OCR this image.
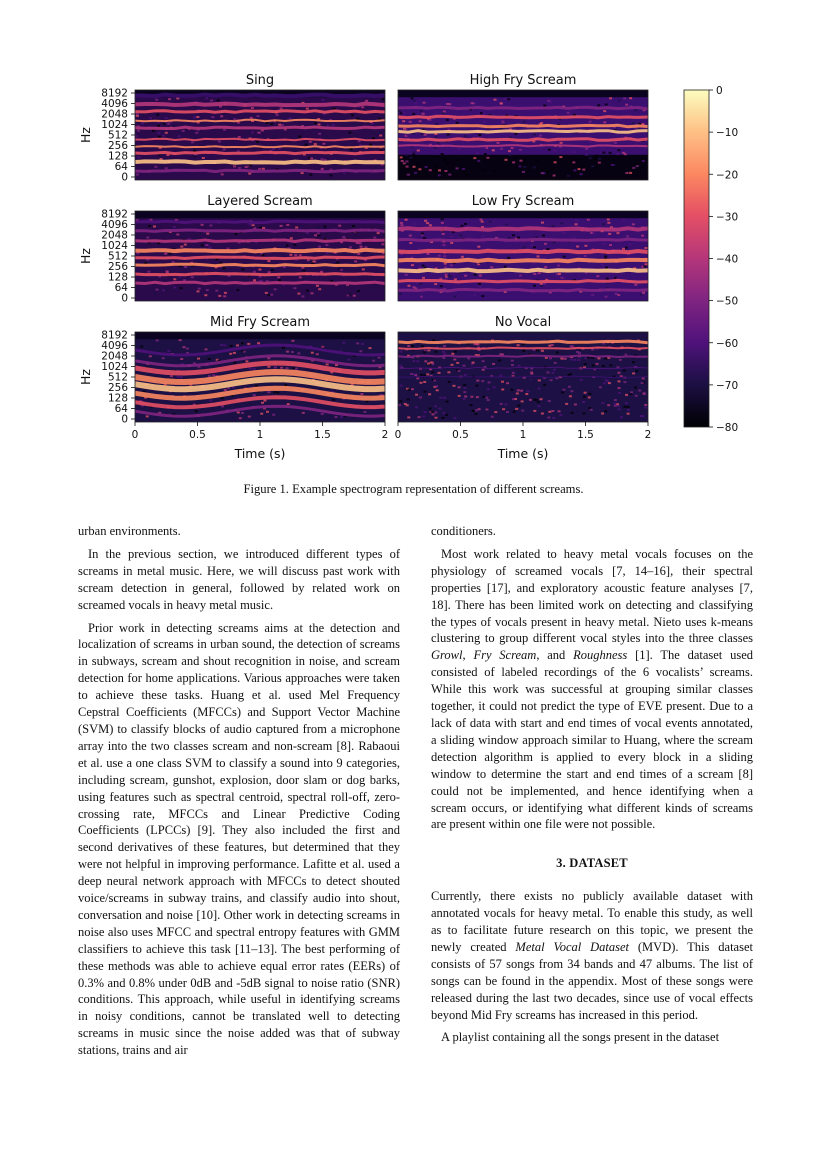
Sing
8192
4096
2048
1024
512
256
128
64
0
Hz
High Fry Scream
Layered Scream
8192
4096
2048
1024
512
256
128
64
0
Hz
Low Fry Scream
Mid Fry Scream
8192
4096
2048
1024
512
256
128
64
0
Hz
0	0.5	1	1.5	2
Time (s)
No Vocal
0	0.5	1	1.5	2
Time (s)
0
−10
−20
−30
−40
−50
−60
−70
−80
Figure 1. Example spectrogram representation of different screams.

urban environments.

In the previous section, we introduced different types of screams in metal music. Here, we will discuss past work with scream detection in general, followed by related work on screamed vocals in heavy metal music.

Prior work in detecting screams aims at the detection and localization of screams in urban sound, the detection of screams in subways, scream and shout recognition in noise, and scream detection for home applications. Various approaches were taken to achieve these tasks. Huang et al. used Mel Frequency Cepstral Coefficients (MFCCs) and Support Vector Machine (SVM) to classify blocks of audio captured from a microphone array into the two classes scream and non-scream [8]. Rabaoui et al. use a one class SVM to classify a sound into 9 categories, including scream, gunshot, explosion, door slam or dog barks, using features such as spectral centroid, spectral roll-off, zero-crossing rate, MFCCs and Linear Predictive Coding Coefficients (LPCCs) [9]. They also included the first and second derivatives of these features, but determined that they were not helpful in improving performance. Lafitte et al. used a deep neural network approach with MFCCs to detect shouted voice/screams in subway trains, and classify audio into shout, conversation and noise [10]. Other work in detecting screams in noise also uses MFCC and spectral entropy features with GMM classifiers to achieve this task [11–13]. The best performing of these methods was able to achieve equal error rates (EERs) of 0.3% and 0.8% under 0dB and -5dB signal to noise ratio (SNR) conditions. This approach, while useful in identifying screams in noisy conditions, cannot be translated well to detecting screams in music since the noise added was that of subway stations, trains and air

conditioners.

Most work related to heavy metal vocals focuses on the physiology of screamed vocals [7, 14–16], their spectral properties [17], and exploratory acoustic feature analyses [7, 18]. There has been limited work on detecting and classifying the types of vocals present in heavy metal. Nieto uses k-means clustering to group different vocal styles into the three classes Growl, Fry Scream, and Roughness [1]. The dataset used consisted of labeled recordings of the 6 vocalists’ screams. While this work was successful at grouping similar classes together, it could not predict the type of EVE present. Due to a lack of data with start and end times of vocal events annotated, a sliding window approach similar to Huang, where the scream detection algorithm is applied to every block in a sliding window to determine the start and end times of a scream [8] could not be implemented, and hence identifying when a scream occurs, or identifying what different kinds of screams are present within one file were not possible.

3. DATASET

Currently, there exists no publicly available dataset with annotated vocals for heavy metal. To enable this study, as well as to facilitate future research on this topic, we present the newly created Metal Vocal Dataset (MVD). This dataset consists of 57 songs from 34 bands and 47 albums. The list of songs can be found in the appendix. Most of these songs were released during the last two decades, since use of vocal effects beyond Mid Fry screams has increased in this period.

A playlist containing all the songs present in the dataset
